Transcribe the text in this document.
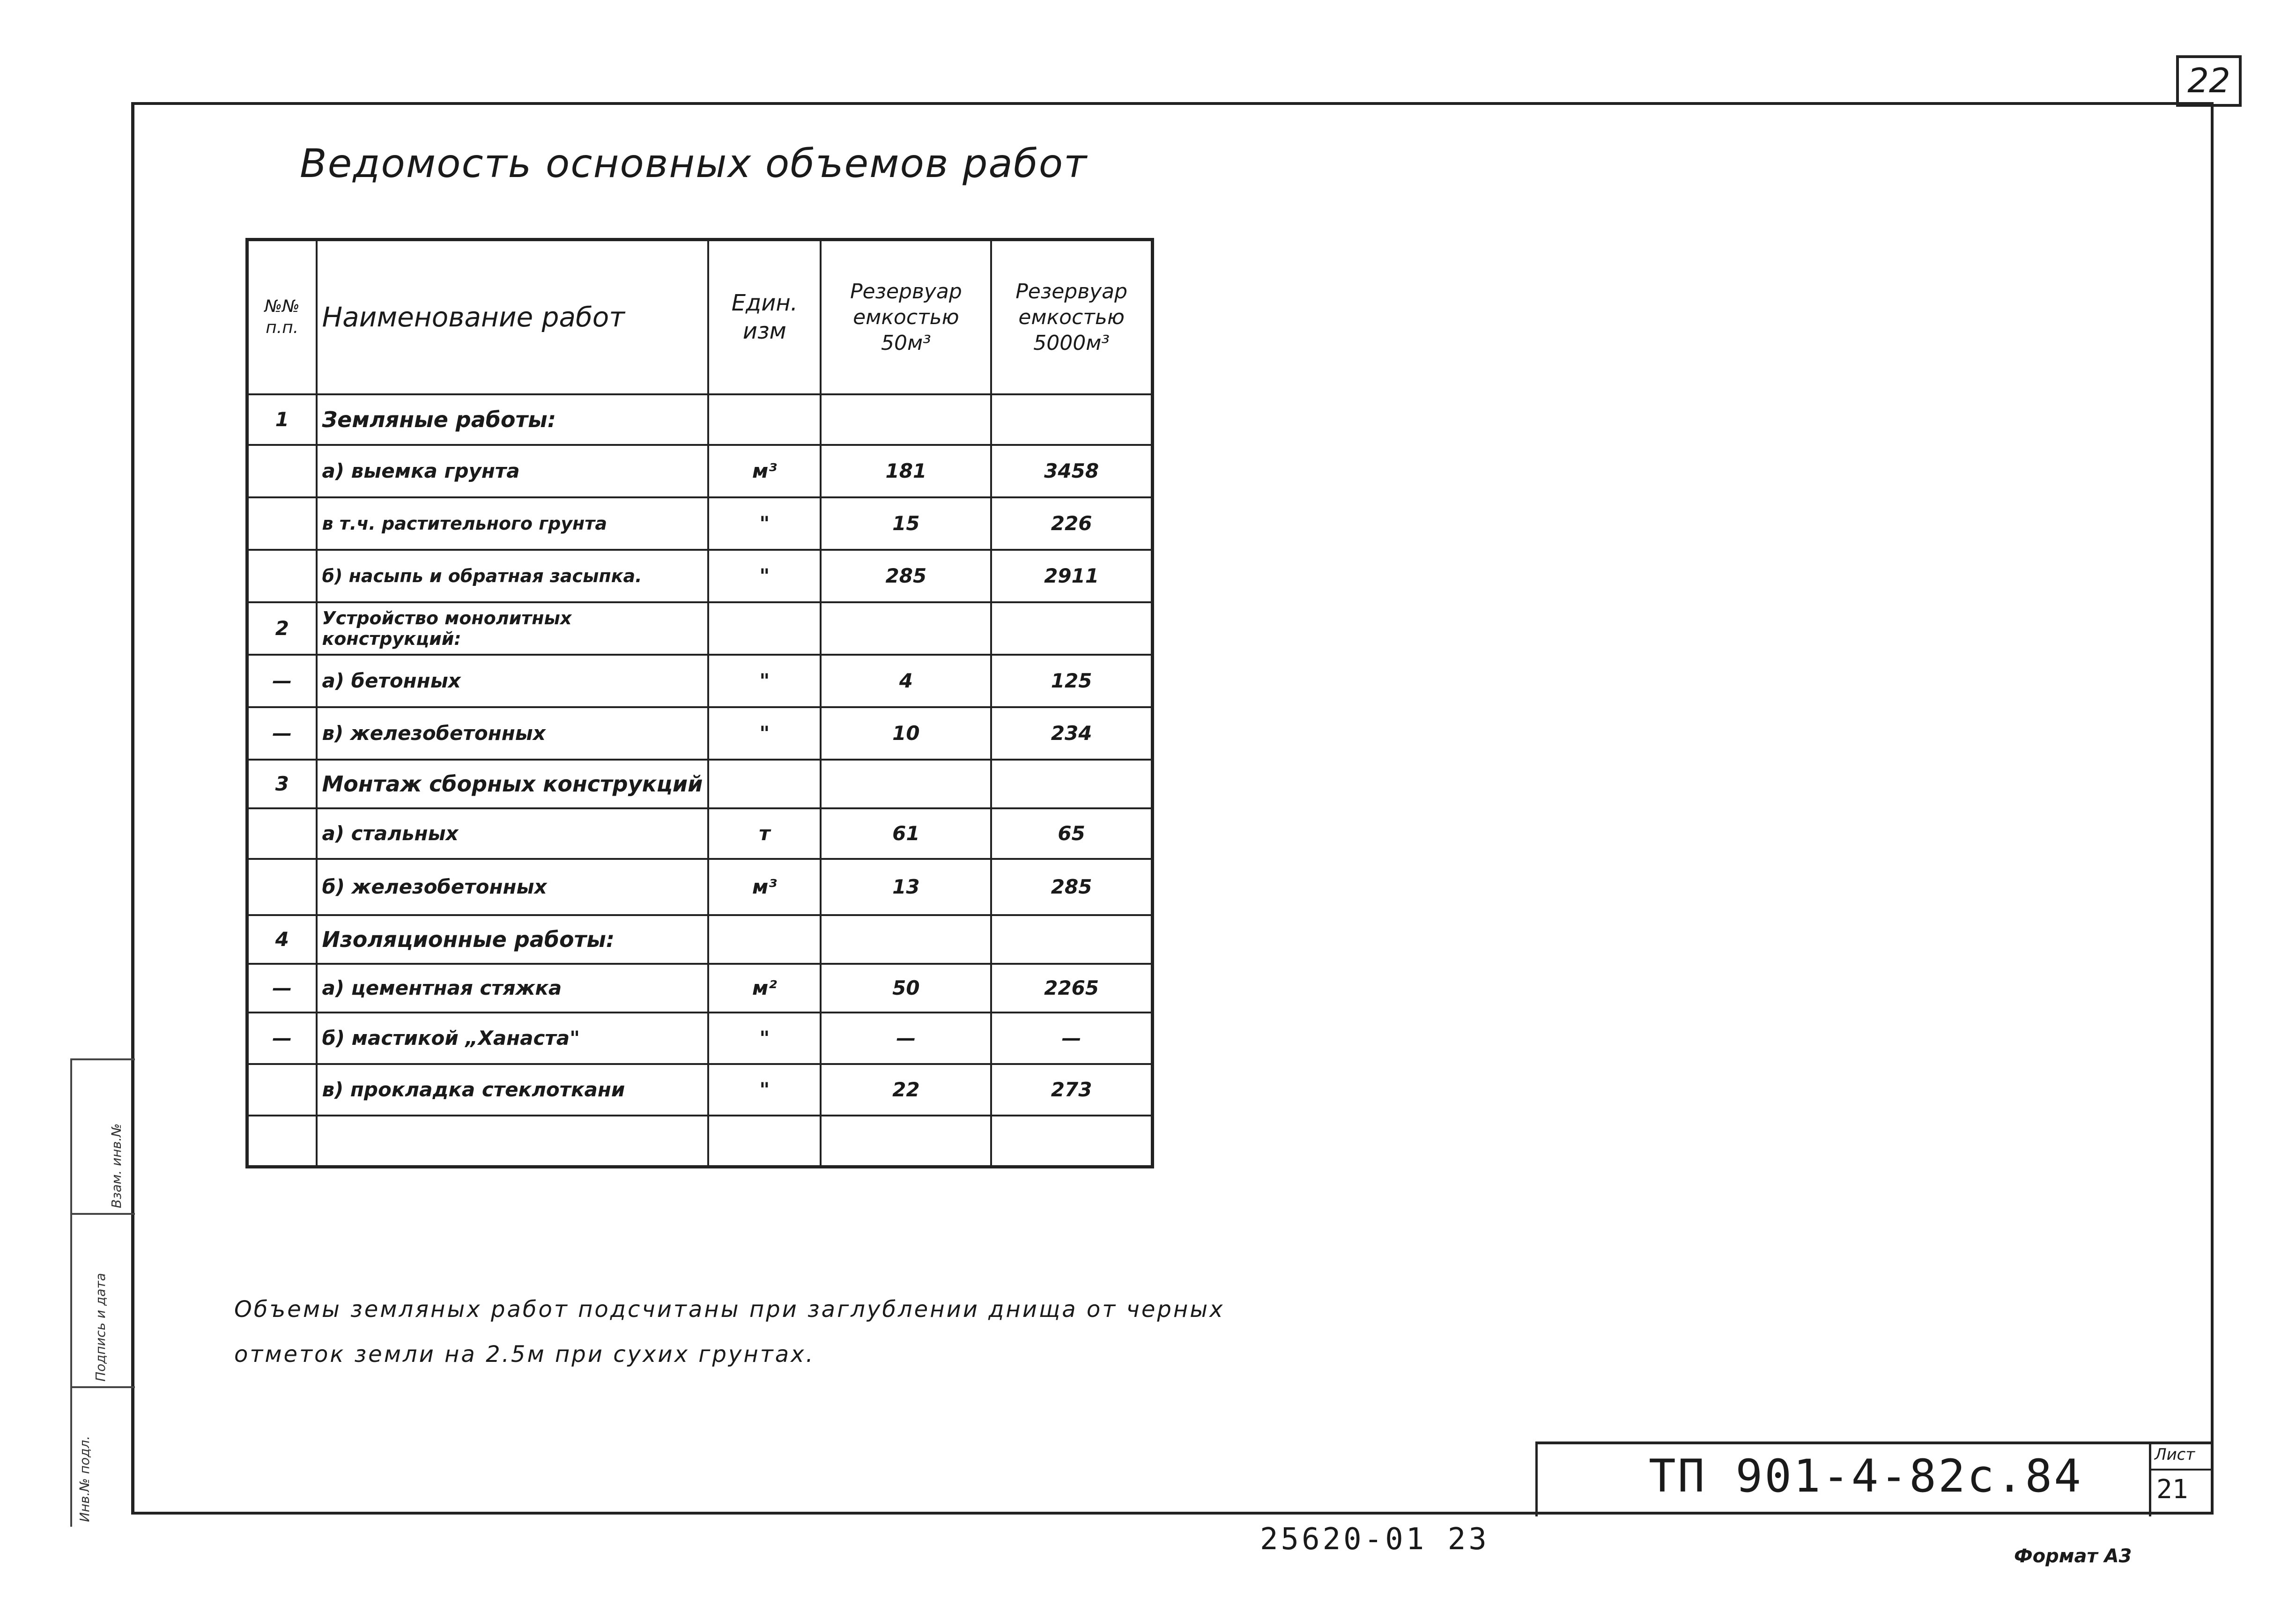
22
Ведомость основных объемов работ
№№ п.п.	Наименование работ	Един. изм	Резервуар емкостью 50м³	Резервуар емкостью 5000м³
1	Земляные работы:			
	а) выемка грунта	м³	181	3458
	в т.ч. растительного грунта	"	15	226
	б) насыпь и обратная засыпка.	"	285	2911
2	Устройство монолитных конструкций:			
—	а) бетонных	"	4	125
—	в) железобетонных	"	10	234
3	Монтаж сборных конструкций			
	а) стальных	т	61	65
	б) железобетонных	м³	13	285
4	Изоляционные работы:			
—	а) цементная стяжка	м²	50	2265
—	б) мастикой „Ханаста"	"	—	—
	в) прокладка стеклоткани	"	22	273

Объемы земляных работ подсчитаны при заглублении днища от черных отметок земли на 2.5м при сухих грунтах.
Инв.№ подл.
Подпись и дата
Взам. инв.№
ТП 901-4-82с.84	Лист
21
25620-01 23	Формат А3
